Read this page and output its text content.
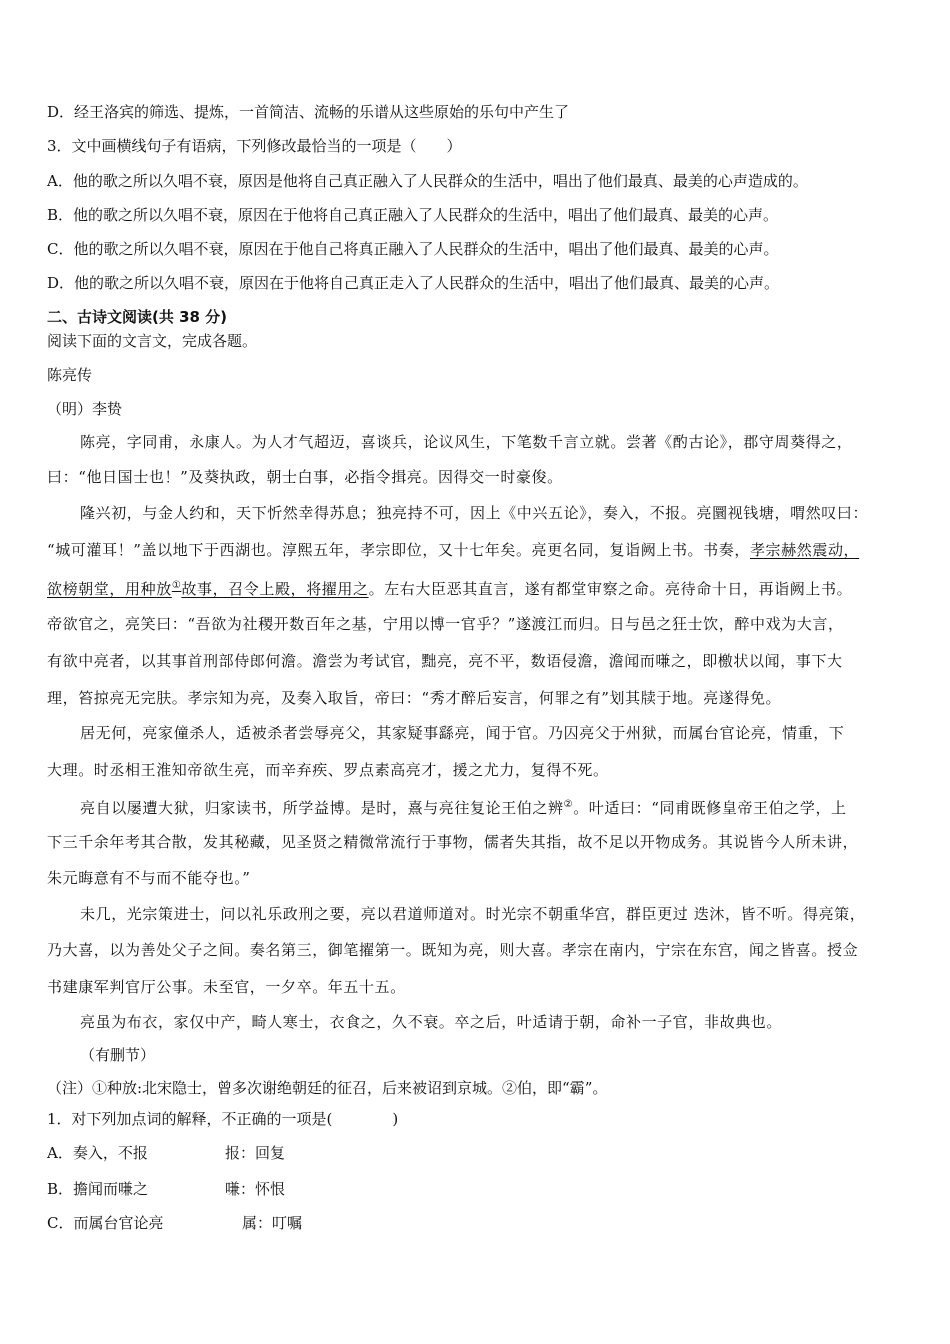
D．经王洛宾的筛选、提炼，一首简洁、流畅的乐谱从这些原始的乐句中产生了
3．文中画横线句子有语病，下列修改最恰当的一项是（　　）
A．他的歌之所以久唱不衰，原因是他将自己真正融入了人民群众的生活中，唱出了他们最真、最美的心声造成的。
B．他的歌之所以久唱不衰，原因在于他将自己真正融入了人民群众的生活中，唱出了他们最真、最美的心声。
C．他的歌之所以久唱不衰，原因在于他自己将真正融入了人民群众的生活中，唱出了他们最真、最美的心声。
D．他的歌之所以久唱不衰，原因在于他将自己真正走入了人民群众的生活中，唱出了他们最真、最美的心声。
二、古诗文阅读(共 38 分)
阅读下面的文言文，完成各题。
陈亮传
（明）李贽
陈亮，字同甫，永康人。为人才气超迈，喜谈兵，论议风生，下笔数千言立就。尝著《酌古论》，郡守周葵得之，
曰：“他日国士也！”及葵执政，朝士白事，必指令揖亮。因得交一时豪俊。
隆兴初，与金人约和，天下忻然幸得苏息；独亮持不可，因上《中兴五论》，奏入，不报。亮圜视钱塘，喟然叹曰：
“城可灌耳！”盖以地下于西湖也。淳熙五年，孝宗即位，又十七年矣。亮更名同，复诣阙上书。书奏，孝宗赫然震动，
欲榜朝堂，用种放①故事，召令上殿，将擢用之。左右大臣恶其直言，遂有都堂审察之命。亮待命十日，再诣阙上书。
帝欲官之，亮笑曰：“吾欲为社稷开数百年之基，宁用以博一官乎？”遂渡江而归。日与邑之狂士饮，醉中戏为大言，
有欲中亮者，以其事首刑部侍郎何澹。澹尝为考试官，黜亮，亮不平，数语侵澹，澹闻而嗛之，即檄状以闻，事下大
理，笞掠亮无完肤。孝宗知为亮，及奏入取旨，帝曰：“秀才醉后妄言，何罪之有”划其牍于地。亮遂得免。
居无何，亮家僮杀人，适被杀者尝辱亮父，其家疑事繇亮，闻于官。乃囚亮父于州狱，而属台官论亮，情重，下
大理。时丞相王淮知帝欲生亮，而辛弃疾、罗点素高亮才，援之尤力，复得不死。
亮自以屡遭大狱，归家读书，所学益博。是时，熹与亮往复论王伯之辨②。叶适曰：“同甫既修皇帝王伯之学，上
下三千余年考其合散，发其秘藏，见圣贤之精微常流行于事物，儒者失其指，故不足以开物成务。其说皆今人所未讲，
朱元晦意有不与而不能夺也。”
未几，光宗策进士，问以礼乐政刑之要，亮以君道师道对。时光宗不朝重华宫，群臣更过 迭沐，皆不听。得亮策，
乃大喜，以为善处父子之间。奏名第三，御笔擢第一。既知为亮，则大喜。孝宗在南内，宁宗在东宫，闻之皆喜。授佥
书建康军判官厅公事。未至官，一夕卒。年五十五。
亮虽为布衣，家仅中产，畸人寒士，衣食之，久不衰。卒之后，叶适请于朝，命补一子官，非故典也。
（有删节）
（注）①种放:北宋隐士，曾多次谢绝朝廷的征召，后来被诏到京城。②伯，即“霸”。
1．对下列加点词的解释，不正确的一项是(　　　　)
A．奏入，不报	报：回复
B．擔闻而嗛之	嗛：怀恨
C．而属台官论亮	属：叮嘱
